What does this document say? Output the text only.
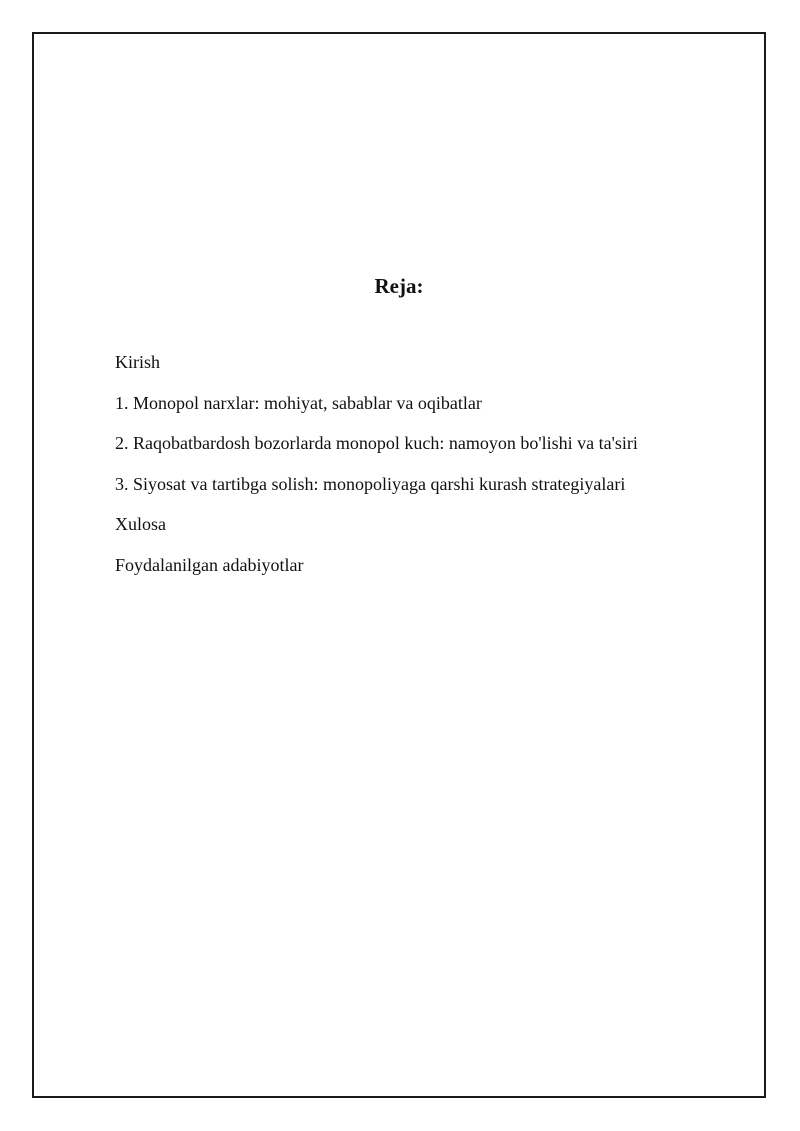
Reja:
Kirish
1. Monopol narxlar: mohiyat, sabablar va oqibatlar
2. Raqobatbardosh bozorlarda monopol kuch: namoyon bo'lishi va ta'siri
3. Siyosat va tartibga solish: monopoliyaga qarshi kurash strategiyalari
Xulosa
Foydalanilgan adabiyotlar
